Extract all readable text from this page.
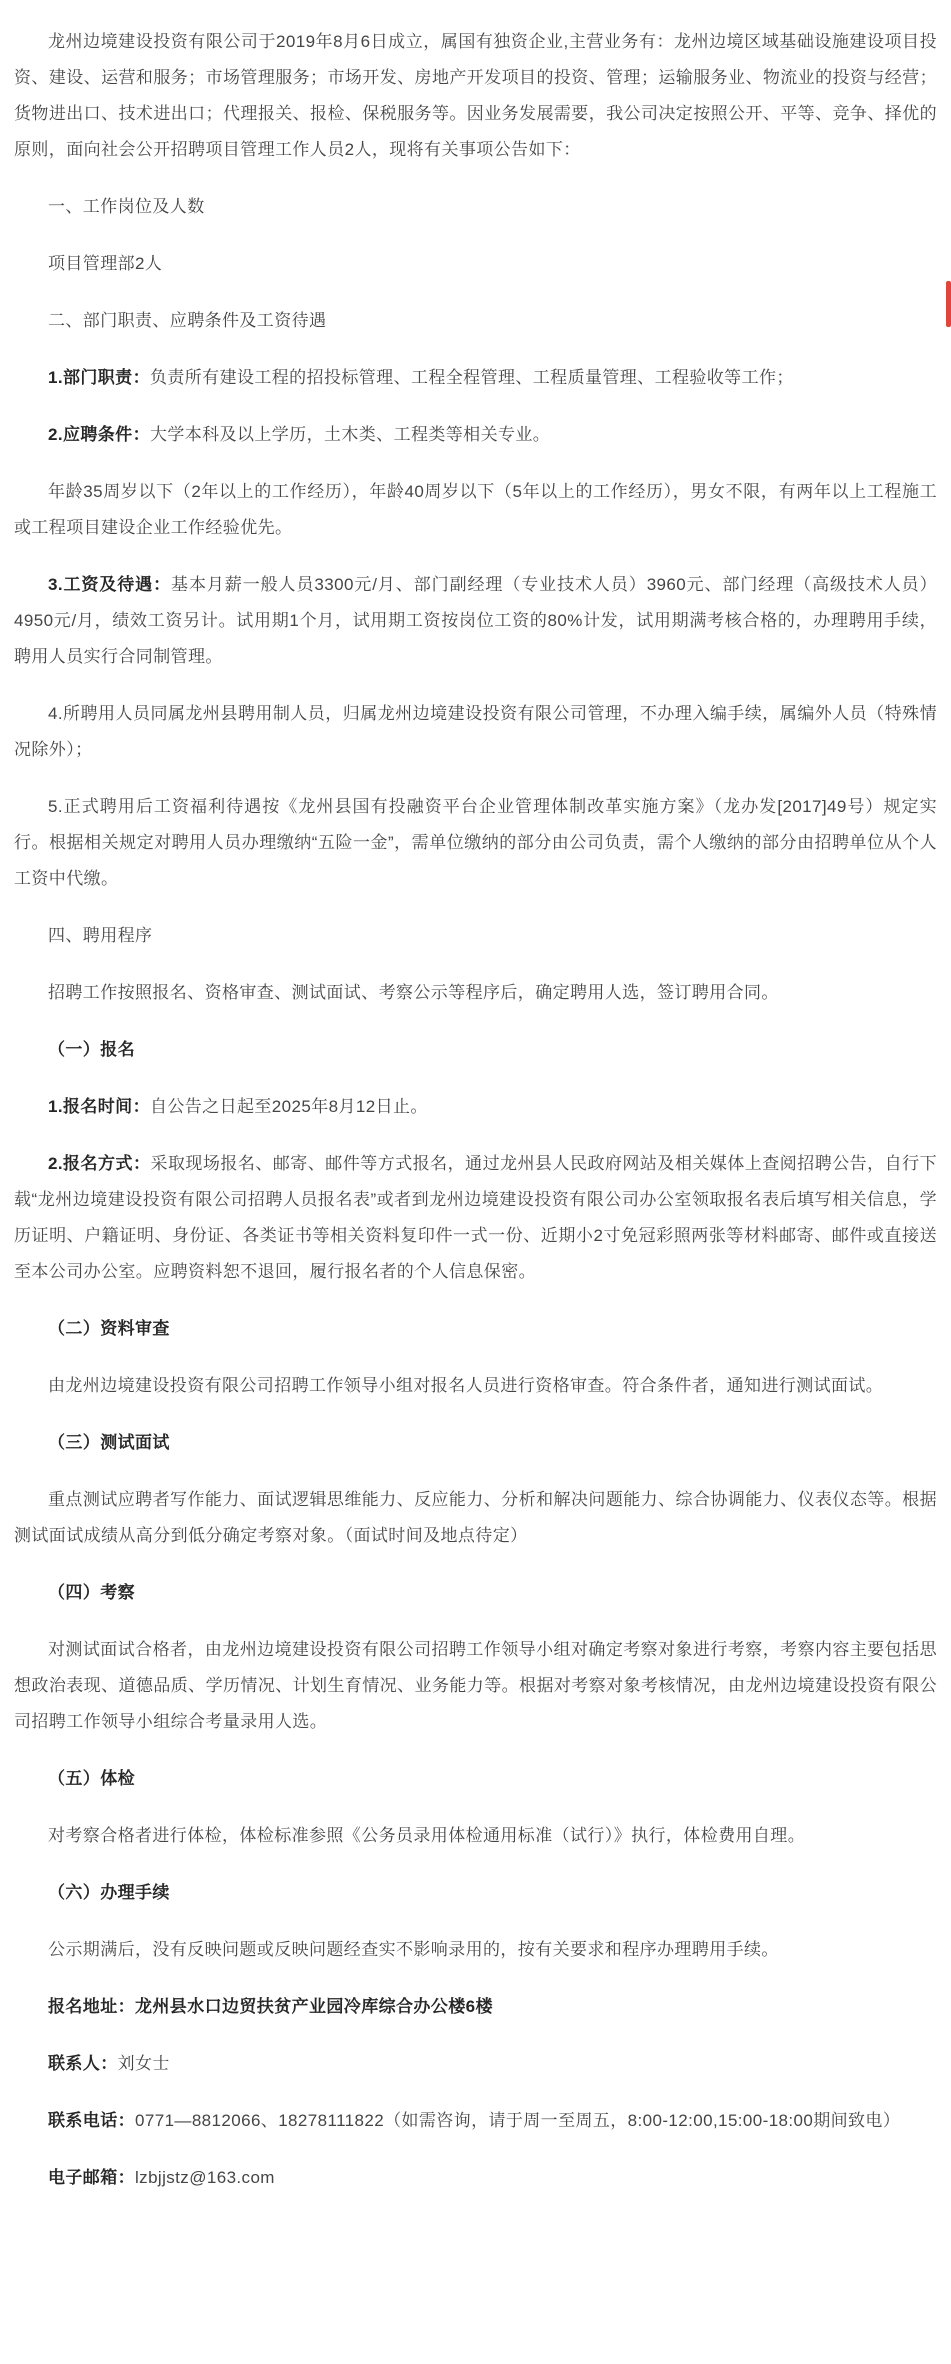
龙州边境建设投资有限公司于2019年8月6日成立，属国有独资企业,主营业务有：龙州边境区域基础设施建设项目投资、建设、运营和服务；市场管理服务；市场开发、房地产开发项目的投资、管理；运输服务业、物流业的投资与经营；货物进出口、技术进出口；代理报关、报检、保税服务等。因业务发展需要，我公司决定按照公开、平等、竞争、择优的原则，面向社会公开招聘项目管理工作人员2人，现将有关事项公告如下：

一、工作岗位及人数

项目管理部2人

二、部门职责、应聘条件及工资待遇

1.部门职责：负责所有建设工程的招投标管理、工程全程管理、工程质量管理、工程验收等工作；

2.应聘条件：大学本科及以上学历，土木类、工程类等相关专业。

年龄35周岁以下（2年以上的工作经历），年龄40周岁以下（5年以上的工作经历），男女不限，有两年以上工程施工或工程项目建设企业工作经验优先。

3.工资及待遇：基本月薪一般人员3300元/月、部门副经理（专业技术人员）3960元、部门经理（高级技术人员）4950元/月，绩效工资另计。试用期1个月，试用期工资按岗位工资的80%计发，试用期满考核合格的，办理聘用手续，聘用人员实行合同制管理。

4.所聘用人员同属龙州县聘用制人员，归属龙州边境建设投资有限公司管理，不办理入编手续，属编外人员（特殊情况除外）；

5.正式聘用后工资福利待遇按《龙州县国有投融资平台企业管理体制改革实施方案》（龙办发[2017]49号）规定实行。根据相关规定对聘用人员办理缴纳“五险一金”，需单位缴纳的部分由公司负责，需个人缴纳的部分由招聘单位从个人工资中代缴。

四、聘用程序

招聘工作按照报名、资格审查、测试面试、考察公示等程序后，确定聘用人选，签订聘用合同。

（一）报名

1.报名时间：自公告之日起至2025年8月12日止。

2.报名方式：采取现场报名、邮寄、邮件等方式报名，通过龙州县人民政府网站及相关媒体上查阅招聘公告，自行下载“龙州边境建设投资有限公司招聘人员报名表”或者到龙州边境建设投资有限公司办公室领取报名表后填写相关信息，学历证明、户籍证明、身份证、各类证书等相关资料复印件一式一份、近期小2寸免冠彩照两张等材料邮寄、邮件或直接送至本公司办公室。应聘资料恕不退回，履行报名者的个人信息保密。

（二）资料审查

由龙州边境建设投资有限公司招聘工作领导小组对报名人员进行资格审查。符合条件者，通知进行测试面试。

（三）测试面试

重点测试应聘者写作能力、面试逻辑思维能力、反应能力、分析和解决问题能力、综合协调能力、仪表仪态等。根据测试面试成绩从高分到低分确定考察对象。（面试时间及地点待定）

（四）考察

对测试面试合格者，由龙州边境建设投资有限公司招聘工作领导小组对确定考察对象进行考察，考察内容主要包括思想政治表现、道德品质、学历情况、计划生育情况、业务能力等。根据对考察对象考核情况，由龙州边境建设投资有限公司招聘工作领导小组综合考量录用人选。

（五）体检

对考察合格者进行体检，体检标准参照《公务员录用体检通用标准（试行）》执行，体检费用自理。

（六）办理手续

公示期满后，没有反映问题或反映问题经查实不影响录用的，按有关要求和程序办理聘用手续。

报名地址：龙州县水口边贸扶贫产业园冷库综合办公楼6楼

联系人：刘女士

联系电话：0771—8812066、18278111822（如需咨询，请于周一至周五，8:00-12:00,15:00-18:00期间致电）

电子邮箱：lzbjjstz@163.com
